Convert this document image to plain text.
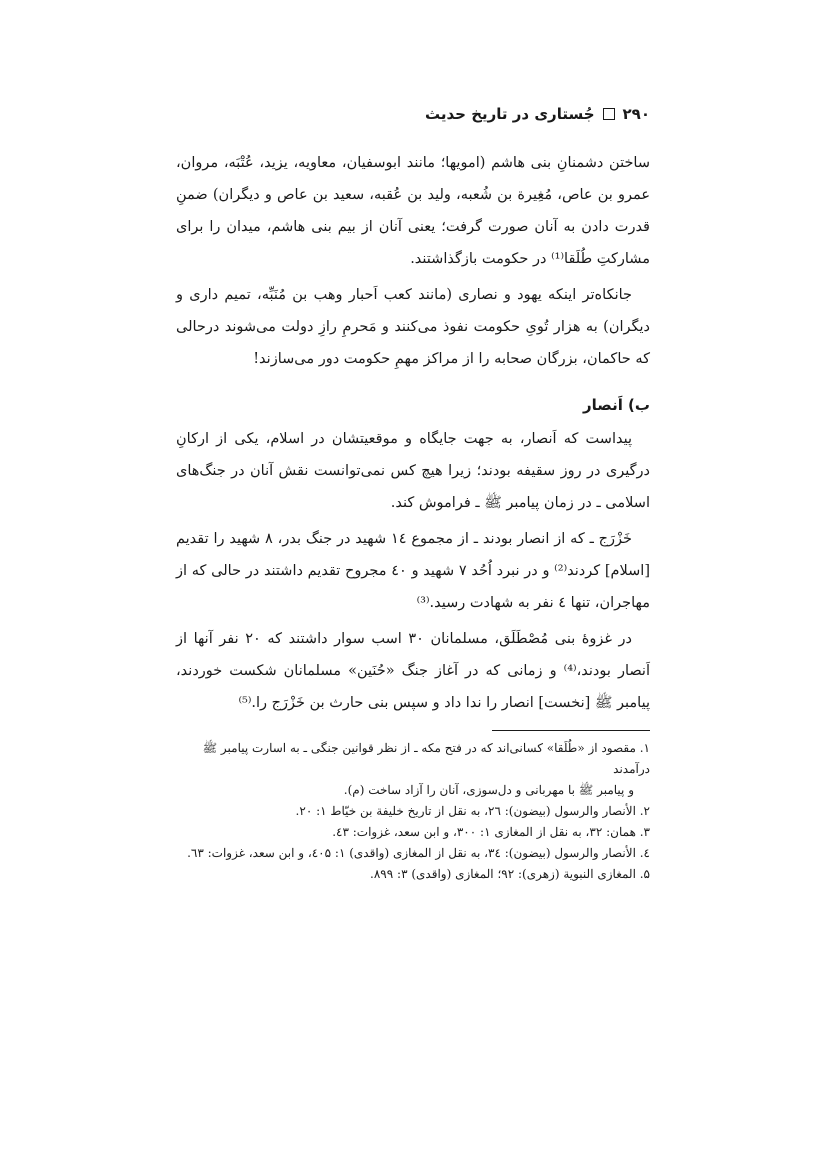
۲۹۰
جُستاری در تاریخ حدیث

ساختن دشمنانِ بنی هاشم (امویها؛ مانند ابوسفیان، معاویه، یزید، عُتْبَه، مروان، عمرو بن عاص، مُغِیرة بن شُعبه، ولید بن عُقبه، سعید بن عاص و دیگران) ضمنِ قدرت دادن به آنان صورت گرفت؛ یعنی آنان از بیم بنی هاشم، میدان را برای مشارکتِ طُلَقا⁽¹⁾ در حکومت بازگذاشتند.

جانکاه‌تر اینکه یهود و نصاری (مانند کعب اَحبار وهب بن مُنَبِّه، تمیم داری و دیگران) به هزار تُویِ حکومت نفوذ می‌کنند و مَحرمِ رازِ دولت می‌شوند درحالی که حاکمان، بزرگان صحابه را از مراکز مهمِ حکومت دور می‌سازند!

ب) اَنصار

پیداست که اَنصار، به جهت جایگاه و موقعیتشان در اسلام، یکی از ارکانِ درگیری در روز سقیفه بودند؛ زیرا هیچ کس نمی‌توانست نقش آنان در جنگ‌های اسلامی ـ در زمان پیامبر ﷺ ـ فراموش کند.

خَزْرَج ـ که از انصار بودند ـ از مجموع ۱٤ شهید در جنگ بدر، ۸ شهید را تقدیم [اسلام] کردند⁽²⁾ و در نبرد اُحُد ۷ شهید و ٤۰ مجروح تقدیم داشتند در حالی که از مهاجران، تنها ٤ نفر به شهادت رسید.⁽³⁾

در غزوهٔ بنی مُصْطَلَق، مسلمانان ۳۰ اسب سوار داشتند که ۲۰ نفر آنها از اَنصار بودند،⁽⁴⁾ و زمانی که در آغاز جنگ «حُنَین» مسلمانان شکست خوردند، پیامبر ﷺ [نخست] انصار را ندا داد و سپس بنی حارث بن خَزْرَج را.⁽⁵⁾

۱. مقصود از «طُلَقا» کسانی‌اند که در فتح مکه ـ از نظر قوانین جنگی ـ به اسارت پیامبر ﷺ درآمدند
و پیامبر ﷺ با مهربانی و دل‌سوزی، آنان را آزاد ساخت (م).
۲. الأنصار والرسول (بیضون): ۲٦، به نقل از تاریخ خلیفة بن خیّاط ۱: ۲۰.
۳. همان: ۳۲، به نقل از المغازی ۱: ۳۰۰، و ابن سعد، غزوات: ٤۳.
٤. الأنصار والرسول (بیضون): ۳٤، به نقل از المغازی (واقدی) ۱: ٤۰۵، و ابن سعد، غزوات: ٦۳.
۵. المغازی النبویة (زهری): ۹۲؛ المغازی (واقدی) ۳: ۸۹۹.
